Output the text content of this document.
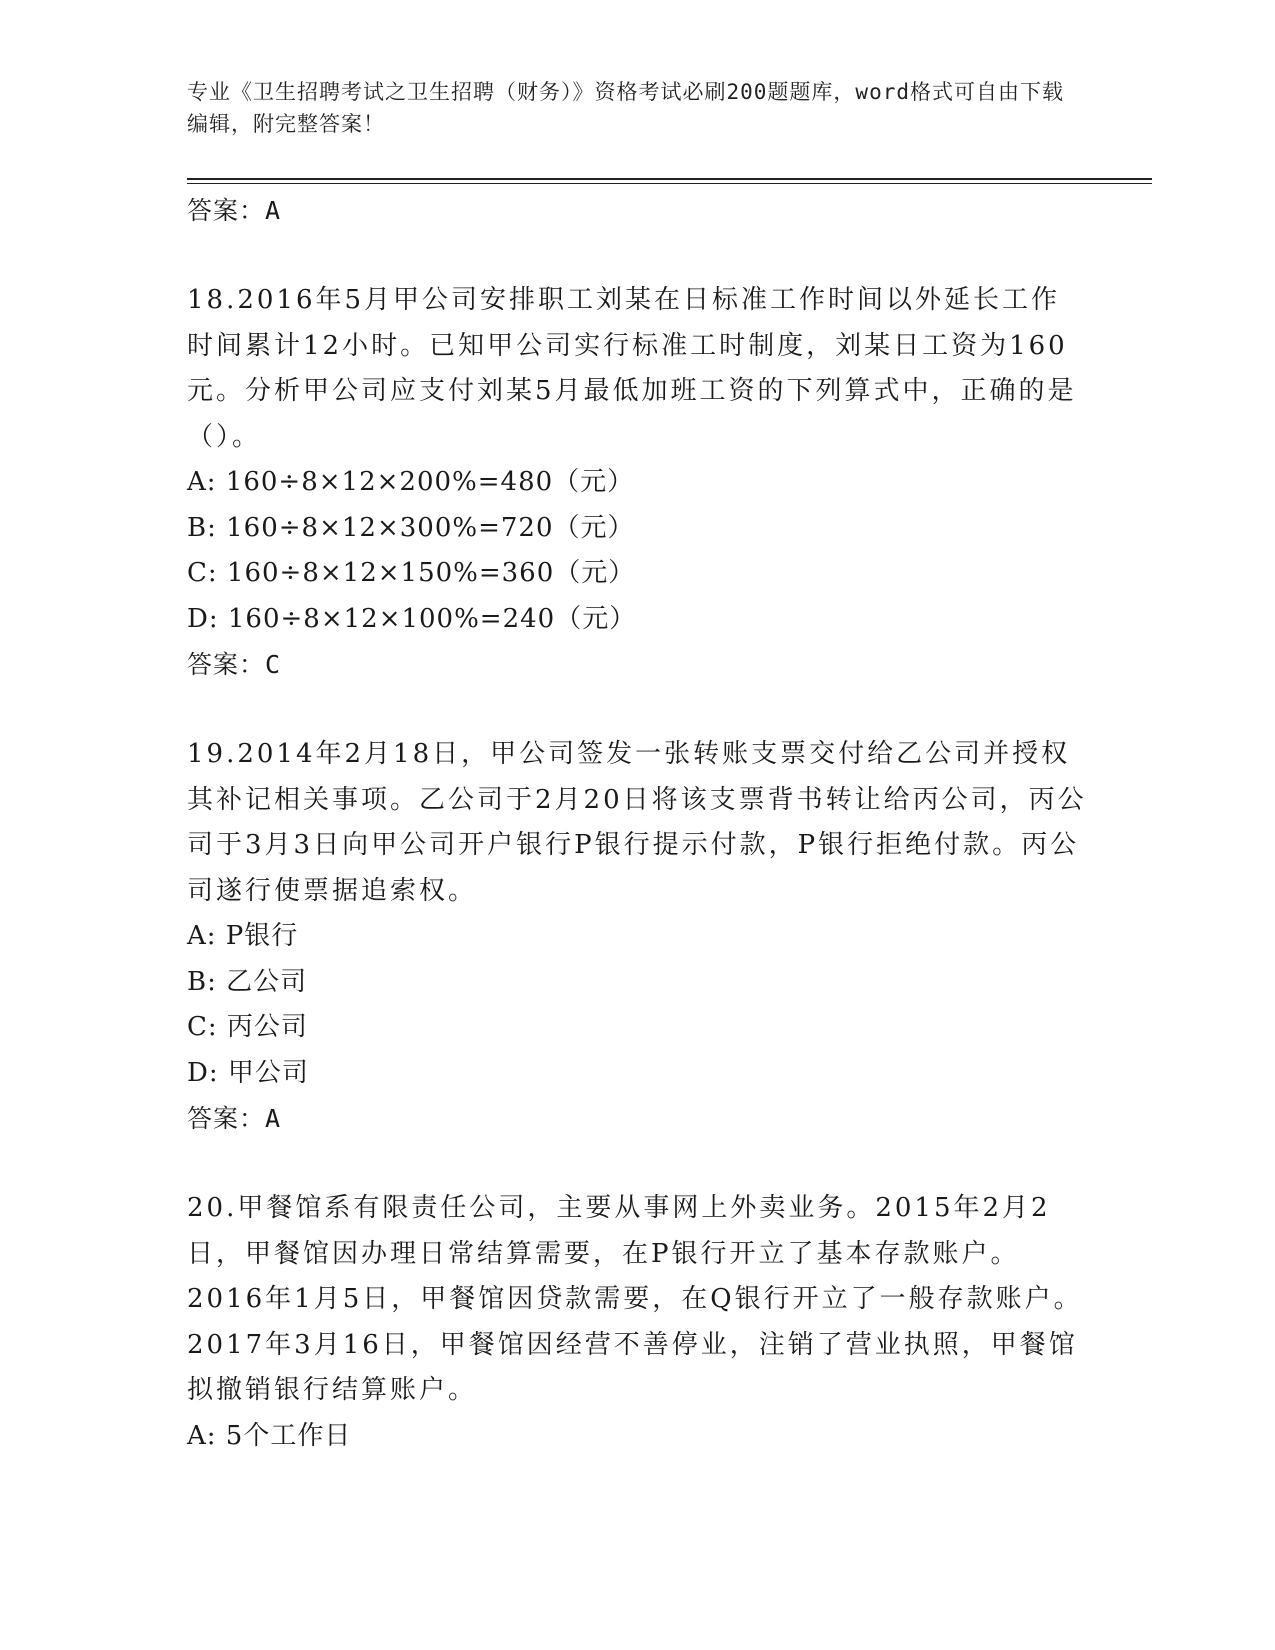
专业《卫生招聘考试之卫生招聘（财务）》资格考试必刷200题题库，word格式可自由下载编辑，附完整答案！
答案：A
18.2016年5月甲公司安排职工刘某在日标准工作时间以外延长工作时间累计12小时。已知甲公司实行标准工时制度，刘某日工资为160元。分析甲公司应支付刘某5月最低加班工资的下列算式中，正确的是（）。
A: 160÷8×12×200%=480（元）
B: 160÷8×12×300%=720（元）
C: 160÷8×12×150%=360（元）
D: 160÷8×12×100%=240（元）
答案：C
19.2014年2月18日，甲公司签发一张转账支票交付给乙公司并授权其补记相关事项。乙公司于2月20日将该支票背书转让给丙公司，丙公司于3月3日向甲公司开户银行P银行提示付款，P银行拒绝付款。丙公司遂行使票据追索权。
A: P银行
B: 乙公司
C: 丙公司
D: 甲公司
答案：A
20.甲餐馆系有限责任公司，主要从事网上外卖业务。2015年2月2日，甲餐馆因办理日常结算需要，在P银行开立了基本存款账户。2016年1月5日，甲餐馆因贷款需要，在Q银行开立了一般存款账户。2017年3月16日，甲餐馆因经营不善停业，注销了营业执照，甲餐馆拟撤销银行结算账户。
A: 5个工作日
